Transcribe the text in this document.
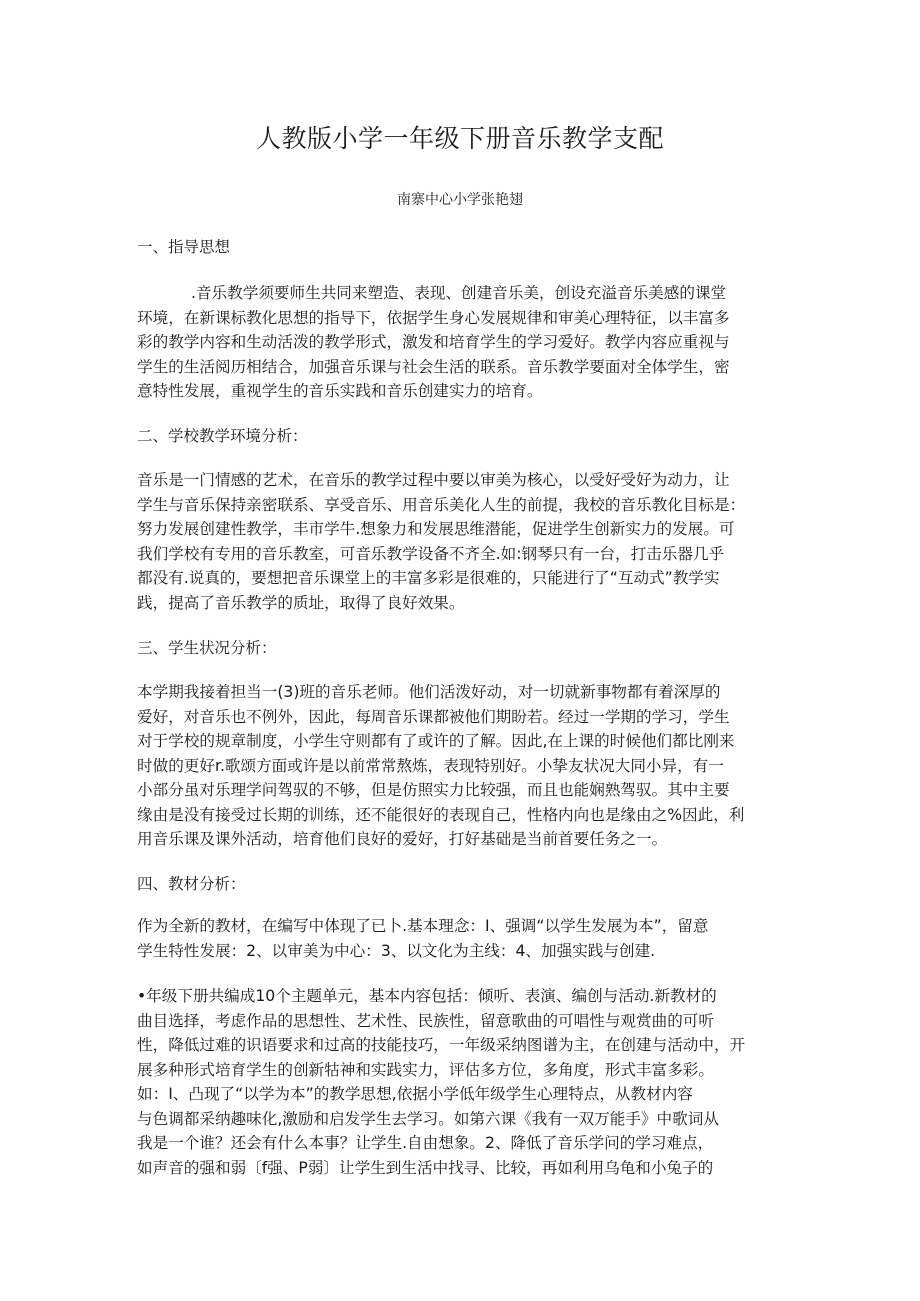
人教版小学一年级下册音乐教学支配
南寨中心小学张艳翅
一、指导思想
.音乐教学须要师生共同来塑造、表现、创建音乐美，创设充溢音乐美感的课堂
环境，在新课标教化思想的指导下，依据学生身心发展规律和审美心理特征，以丰富多
彩的教学内容和生动活泼的教学形式，激发和培育学生的学习爱好。教学内容应重视与
学生的生活阅历相结合，加强音乐课与社会生活的联系。音乐教学要面对全体学生，密
意特性发展，重视学生的音乐实践和音乐创建实力的培育。
二、学校教学环境分析：
音乐是一门情感的艺术，在音乐的教学过程中要以审美为核心，以受好受好为动力，让
学生与音乐保持亲密联系、享受音乐、用音乐美化人生的前提，我校的音乐教化目标是：
努力发展创建性教学，丰市学牛.想象力和发展思维潜能，促进学生创新实力的发展。可
我们学校有专用的音乐教室，可音乐教学设备不齐全.如:钢琴只有一台，打击乐器几乎
都没有.说真的，要想把音乐课堂上的丰富多彩是很难的，只能进行了“互动式”教学实
践，提高了音乐教学的质址，取得了良好效果。
三、学生状况分析：
本学期我接着担当一(3)班的音乐老师。他们活泼好动，对一切就新事物都有着深厚的
爱好，对音乐也不例外，因此，每周音乐课都被他们期盼若。经过一学期的学习，学生
对于学校的规章制度，小学生守则都有了或许的了解。因此,在上课的时候他们都比刚来
时做的更好r.歌颂方面或许是以前常常熬炼，表现特别好。小挚友状况大同小异，有一
小部分虽对乐理学问驾驭的不够，但是仿照实力比较强，而且也能娴熟驾驭。其中主要
缘由是没有接受过长期的训练，还不能很好的表现自己，性格内向也是缘由之%因此，利
用音乐课及课外活动，培育他们良好的爱好，打好基础是当前首要任务之一。
四、教材分析：
作为全新的教材，在编写中体现了已卜.基本理念：I、强调“以学生发展为本”，留意
学生特性发展：2、以审美为中心：3、以文化为主线：4、加强实践与创建.
•年级下册共编成10个主题单元，基本内容包括：倾听、表演、编创与活动.新教材的
曲目选择，考虑作品的思想性、艺术性、民族性，留意歌曲的可唱性与观赏曲的可听
性，降低过难的识语要求和过高的技能技巧，一年级采纳图谱为主，在创建与活动中，开
展多种形式培育学生的创新牯神和实践实力，评估多方位，多角度，形式丰富多彩。
如：I、凸现了“以学为本”的教学思想,依据小学低年级学生心理特点，从教材内容
与色调都采纳趣味化,激励和启发学生去学习。如第六课《我有一双万能手》中歌词从
我是一个谁？还会有什么本事？让学生.自由想象。2、降低了音乐学问的学习难点，
如声音的强和弱〔f强、P弱〕让学生到生活中找寻、比较，再如利用乌龟和小兔子的
